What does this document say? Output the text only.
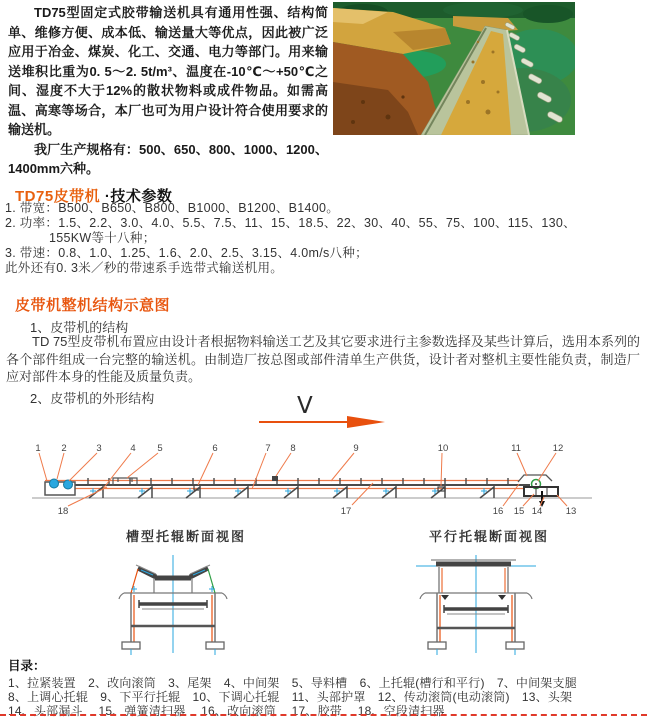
TD75型固定式胶带输送机具有通用性强、结构简单、维修方便、成本低、输送量大等优点，因此被广泛应用于冶金、煤炭、化工、交通、电力等部门。用来输送堆积比重为0. 5～2. 5t/m³、温度在-10℃～+50℃之间、湿度不大于12%的散状物料或成件物品。如需高温、高寒等场合，本厂也可为用户设计符合使用要求的输送机。

我厂生产规格有：500、650、800、1000、1200、1400mm六种。

TD75皮带机 ·技术参数
1. 带宽：B500、B650、B800、B1000、B1200、B1400。
2. 功率：1.5、2.2、3.0、4.0、5.5、7.5、11、15、18.5、22、30、40、55、75、100、115、130、
155KW等十八种；
3. 带速：0.8、1.0、1.25、1.6、2.0、2.5、3.15、4.0m/s八种；
此外还有0. 3米／秒的带速系手选带式输送机用。
皮带机整机结构示意图
1、皮带机的结构
TD 75型皮带机布置应由设计者根据物料输送工艺及其它要求进行主参数选择及某些计算后，选用本系列的各个部件组成一台完整的输送机。由制造厂按总图或部件清单生产供货，设计者对整机主要性能负责，制造厂应对部件本身的性能及质量负责。
2、皮带机的外形结构	V
1 2	3	4 5	6	7 8	9	10	11	12
18	17	16 15 14 13
槽型托辊断面视图	平行托辊断面视图
目录：
1、拉紧装置　2、改向滚筒　3、尾架　4、中间架　5、导料槽　6、上托辊(槽行和平行)　7、中间架支腿
8、上调心托辊　9、下平行托辊　10、下调心托辊　11、头部护罩　12、传动滚筒(电动滚筒)　13、头架
14、头部漏斗　 15、弹簧清扫器　 16、改向滚筒　 17、胶带　 18、空段清扫器
